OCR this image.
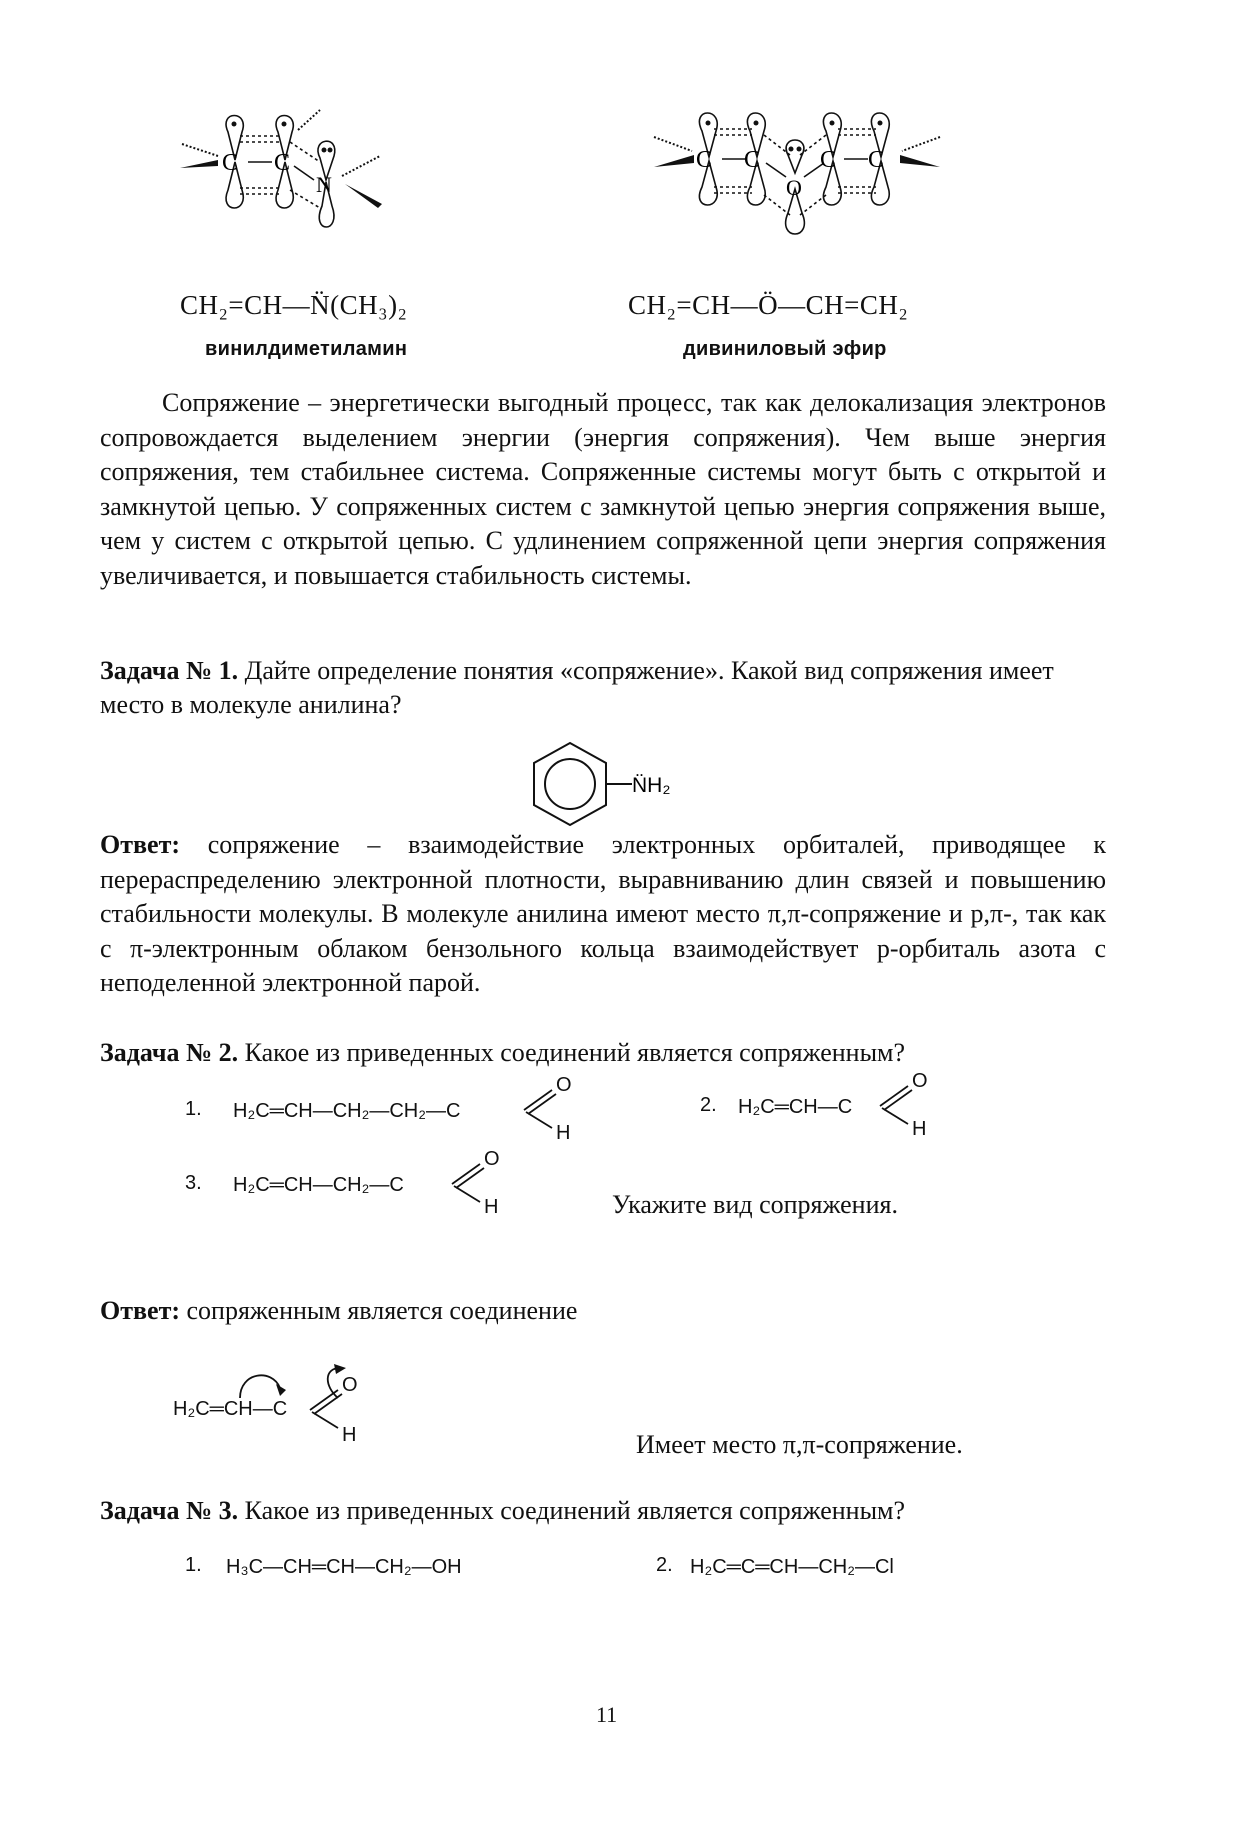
C C
N
C C C C
O
CH₂=CH—N̈(CH₃)₂
винилдиметиламин
CH₂=CH—Ö—CH=CH₂
дивиниловый эфир
Сопряжение – энергетически выгодный процесс, так как делокализация электронов сопровождается выделением энергии (энергия сопряжения). Чем выше энергия сопряжения, тем стабильнее система. Сопряженные системы могут быть с открытой и замкнутой цепью. У сопряженных систем с замкнутой цепью энергия сопряжения выше, чем у систем с открытой цепью. С удлинением сопряженной цепи энергия сопряжения увеличивается, и повышается стабильность системы.
Задача № 1. Дайте определение понятия «сопряжение». Какой вид сопряжения имеет место в молекуле анилина?
N̈H₂
Ответ: сопряжение – взаимодействие электронных орбиталей, приводящее к перераспределению электронной плотности, выравниванию длин связей и повышению стабильности молекулы. В молекуле анилина имеют место π,π-сопряжение и p,π-, так как с π-электронным облаком бензольного кольца взаимодействует p-орбиталь азота с неподеленной электронной парой.
Задача № 2. Какое из приведенных соединений является сопряженным?
1. H₂C═CH—CH₂—CH₂—C
O
H
2. H₂C═CH—C
O
H
3. H₂C═CH—CH₂—C
O
H	Укажите вид сопряжения.
Ответ: сопряженным является соединение
H₂C═CH—C
O
H	Имеет место π,π-сопряжение.
Задача № 3. Какое из приведенных соединений является сопряженным?
1. H₃C—CH═CH—CH₂—OH	2. H₂C═C═CH—CH₂—Cl
11
